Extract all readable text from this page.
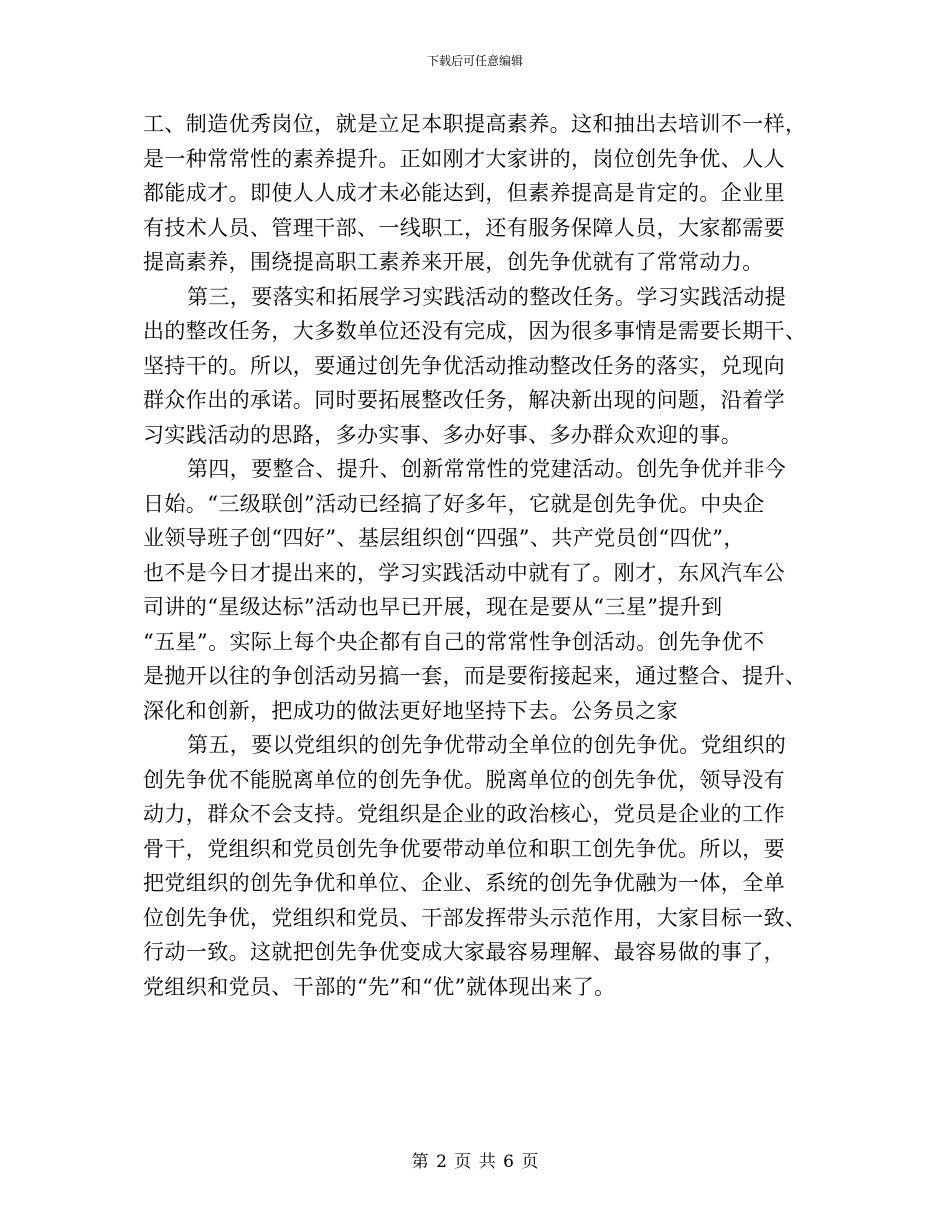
下载后可任意编辑
工、制造优秀岗位，就是立足本职提高素养。这和抽出去培训不一样，
是一种常常性的素养提升。正如刚才大家讲的，岗位创先争优、人人
都能成才。即使人人成才未必能达到，但素养提高是肯定的。企业里
有技术人员、管理干部、一线职工，还有服务保障人员，大家都需要
提高素养，围绕提高职工素养来开展，创先争优就有了常常动力。
第三，要落实和拓展学习实践活动的整改任务。学习实践活动提
出的整改任务，大多数单位还没有完成，因为很多事情是需要长期干、
坚持干的。所以，要通过创先争优活动推动整改任务的落实，兑现向
群众作出的承诺。同时要拓展整改任务，解决新出现的问题，沿着学
习实践活动的思路，多办实事、多办好事、多办群众欢迎的事。
第四，要整合、提升、创新常常性的党建活动。创先争优并非今
日始。“三级联创”活动已经搞了好多年，它就是创先争优。中央企
业领导班子创“四好”、基层组织创“四强”、共产党员创“四优”，
也不是今日才提出来的，学习实践活动中就有了。刚才，东风汽车公
司讲的“星级达标”活动也早已开展，现在是要从“三星”提升到
“五星”。实际上每个央企都有自己的常常性争创活动。创先争优不
是抛开以往的争创活动另搞一套，而是要衔接起来，通过整合、提升、
深化和创新，把成功的做法更好地坚持下去。公务员之家
第五，要以党组织的创先争优带动全单位的创先争优。党组织的
创先争优不能脱离单位的创先争优。脱离单位的创先争优，领导没有
动力，群众不会支持。党组织是企业的政治核心，党员是企业的工作
骨干，党组织和党员创先争优要带动单位和职工创先争优。所以，要
把党组织的创先争优和单位、企业、系统的创先争优融为一体，全单
位创先争优，党组织和党员、干部发挥带头示范作用，大家目标一致、
行动一致。这就把创先争优变成大家最容易理解、最容易做的事了，
党组织和党员、干部的“先”和“优”就体现出来了。
第 2 页 共 6 页
